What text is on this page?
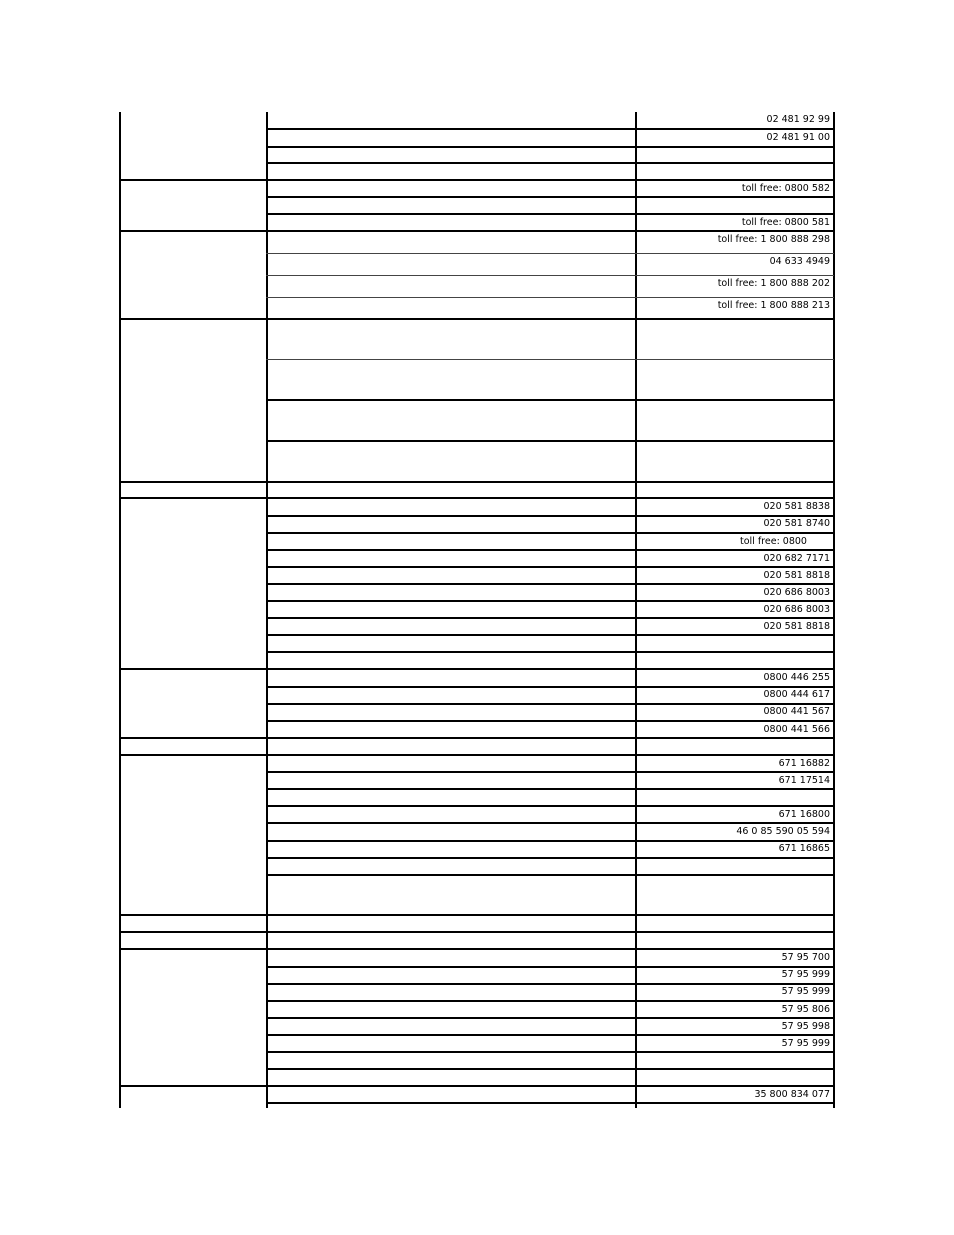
02 481 92 99
02 481 91 00
toll free: 0800 582
toll free: 0800 581
toll free: 1 800 888 298
04 633 4949
toll free: 1 800 888 202
toll free: 1 800 888 213
020 581 8838
020 581 8740
toll free: 0800
020 682 7171
020 581 8818
020 686 8003
020 686 8003
020 581 8818
0800 446 255
0800 444 617
0800 441 567
0800 441 566
671 16882
671 17514
671 16800
46 0 85 590 05 594
671 16865
57 95 700
57 95 999
57 95 999
57 95 806
57 95 998
57 95 999
35 800 834 077
